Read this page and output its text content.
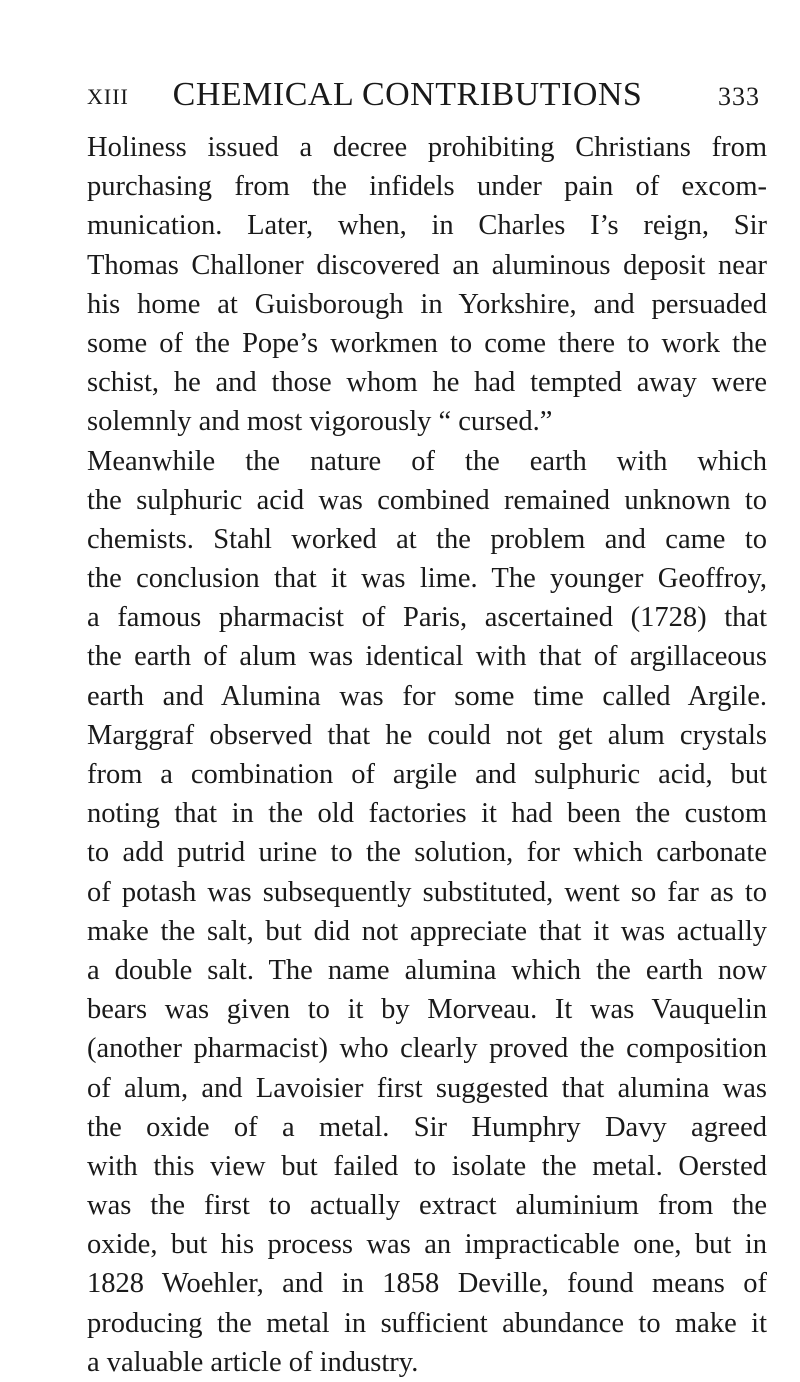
XIII	CHEMICAL CONTRIBUTIONS	333
Holiness issued a decree prohibiting Christians from
purchasing from the infidels under pain of excom-
munication. Later, when, in Charles I’s reign, Sir
Thomas Challoner discovered an aluminous deposit near
his home at Guisborough in Yorkshire, and persuaded
some of the Pope’s workmen to come there to work the
schist, he and those whom he had tempted away were
solemnly and most vigorously “ cursed.”
Meanwhile the nature of the earth with which
the sulphuric acid was combined remained unknown to
chemists. Stahl worked at the problem and came to
the conclusion that it was lime. The younger Geoffroy,
a famous pharmacist of Paris, ascertained (1728) that
the earth of alum was identical with that of argillaceous
earth and Alumina was for some time called Argile.
Marggraf observed that he could not get alum crystals
from a combination of argile and sulphuric acid, but
noting that in the old factories it had been the custom
to add putrid urine to the solution, for which carbonate
of potash was subsequently substituted, went so far as to
make the salt, but did not appreciate that it was actually
a double salt. The name alumina which the earth now
bears was given to it by Morveau. It was Vauquelin
(another pharmacist) who clearly proved the composition
of alum, and Lavoisier first suggested that alumina was
the oxide of a metal. Sir Humphry Davy agreed
with this view but failed to isolate the metal. Oersted
was the first to actually extract aluminium from the
oxide, but his process was an impracticable one, but in
1828 Woehler, and in 1858 Deville, found means of
producing the metal in sufficient abundance to make it
a valuable article of industry.
